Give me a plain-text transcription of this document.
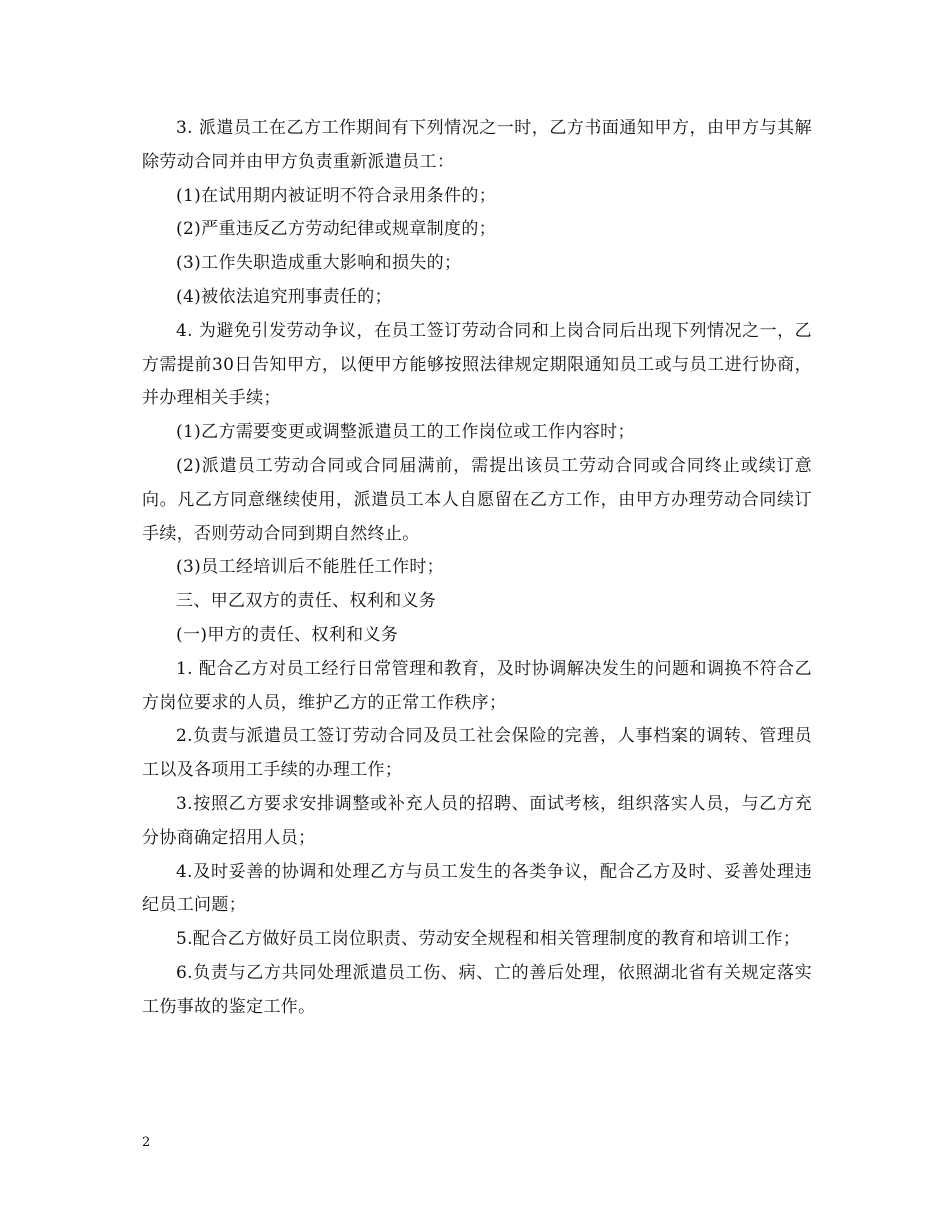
3. 派遣员工在乙方工作期间有下列情况之一时，乙方书面通知甲方，由甲方与其解除劳动合同并由甲方负责重新派遣员工：

(1)在试用期内被证明不符合录用条件的；

(2)严重违反乙方劳动纪律或规章制度的；

(3)工作失职造成重大影响和损失的；

(4)被依法追究刑事责任的；

4. 为避免引发劳动争议，在员工签订劳动合同和上岗合同后出现下列情况之一，乙方需提前30日告知甲方，以便甲方能够按照法律规定期限通知员工或与员工进行协商，并办理相关手续；

(1)乙方需要变更或调整派遣员工的工作岗位或工作内容时；

(2)派遣员工劳动合同或合同届满前，需提出该员工劳动合同或合同终止或续订意向。凡乙方同意继续使用，派遣员工本人自愿留在乙方工作，由甲方办理劳动合同续订手续，否则劳动合同到期自然终止。

(3)员工经培训后不能胜任工作时；

三、甲乙双方的责任、权利和义务

(一)甲方的责任、权利和义务

1. 配合乙方对员工经行日常管理和教育，及时协调解决发生的问题和调换不符合乙方岗位要求的人员，维护乙方的正常工作秩序；

2.负责与派遣员工签订劳动合同及员工社会保险的完善，人事档案的调转、管理员工以及各项用工手续的办理工作；

3.按照乙方要求安排调整或补充人员的招聘、面试考核，组织落实人员，与乙方充分协商确定招用人员；

4.及时妥善的协调和处理乙方与员工发生的各类争议，配合乙方及时、妥善处理违纪员工问题；

5.配合乙方做好员工岗位职责、劳动安全规程和相关管理制度的教育和培训工作；

6.负责与乙方共同处理派遣员工伤、病、亡的善后处理，依照湖北省有关规定落实工伤事故的鉴定工作。

2
